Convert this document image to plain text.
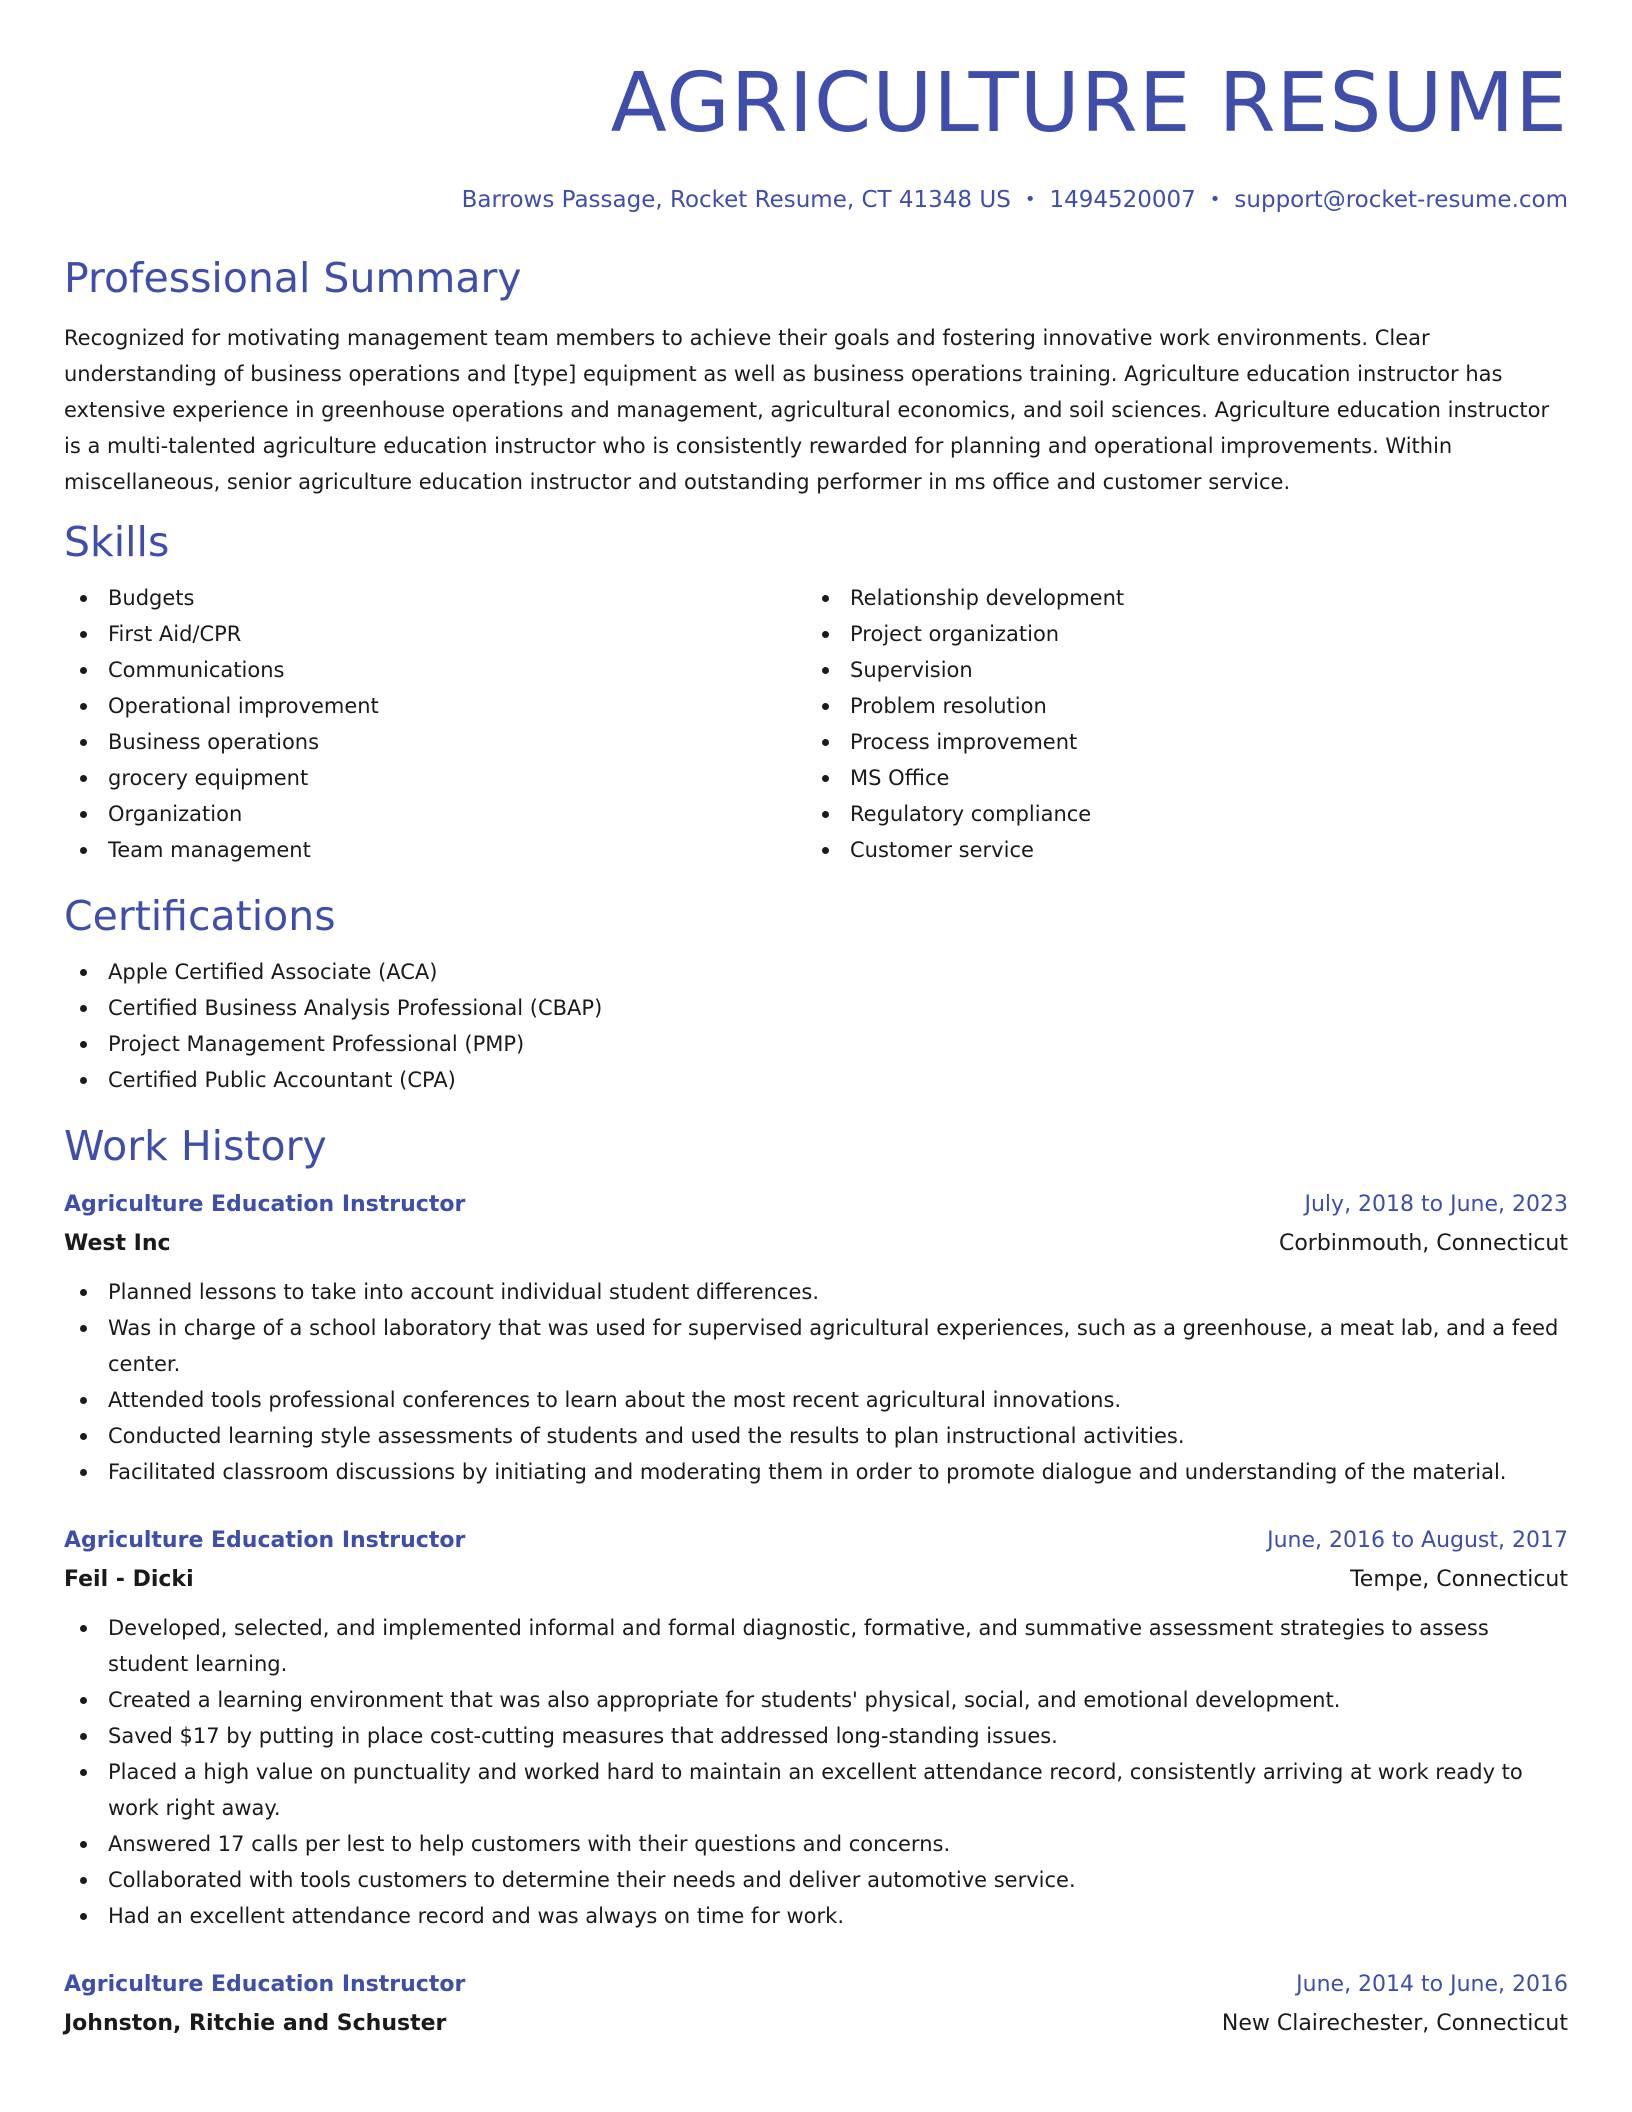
AGRICULTURE RESUME
Barrows Passage, Rocket Resume, CT 41348 US • 1494520007 • support@rocket-resume.com
Professional Summary

Recognized for motivating management team members to achieve their goals and fostering innovative work environments. Clear understanding of business operations and [type] equipment as well as business operations training. Agriculture education instructor has extensive experience in greenhouse operations and management, agricultural economics, and soil sciences. Agriculture education instructor is a multi-talented agriculture education instructor who is consistently rewarded for planning and operational improvements. Within miscellaneous, senior agriculture education instructor and outstanding performer in ms office and customer service.

Skills
Budgets
First Aid/CPR
Communications
Operational improvement
Business operations
grocery equipment
Organization
Team management
Relationship development
Project organization
Supervision
Problem resolution
Process improvement
MS Office
Regulatory compliance
Customer service
Certifications
Apple Certified Associate (ACA)
Certified Business Analysis Professional (CBAP)
Project Management Professional (PMP)
Certified Public Accountant (CPA)
Work History
Agriculture Education Instructor	July, 2018 to June, 2023
West Inc	Corbinmouth, Connecticut
Planned lessons to take into account individual student differences.
Was in charge of a school laboratory that was used for supervised agricultural experiences, such as a greenhouse, a meat lab, and a feed center.
Attended tools professional conferences to learn about the most recent agricultural innovations.
Conducted learning style assessments of students and used the results to plan instructional activities.
Facilitated classroom discussions by initiating and moderating them in order to promote dialogue and understanding of the material.
Agriculture Education Instructor	June, 2016 to August, 2017
Feil - Dicki	Tempe, Connecticut
Developed, selected, and implemented informal and formal diagnostic, formative, and summative assessment strategies to assess student learning.
Created a learning environment that was also appropriate for students' physical, social, and emotional development.
Saved $17 by putting in place cost-cutting measures that addressed long-standing issues.
Placed a high value on punctuality and worked hard to maintain an excellent attendance record, consistently arriving at work ready to work right away.
Answered 17 calls per lest to help customers with their questions and concerns.
Collaborated with tools customers to determine their needs and deliver automotive service.
Had an excellent attendance record and was always on time for work.
Agriculture Education Instructor	June, 2014 to June, 2016
Johnston, Ritchie and Schuster	New Clairechester, Connecticut
